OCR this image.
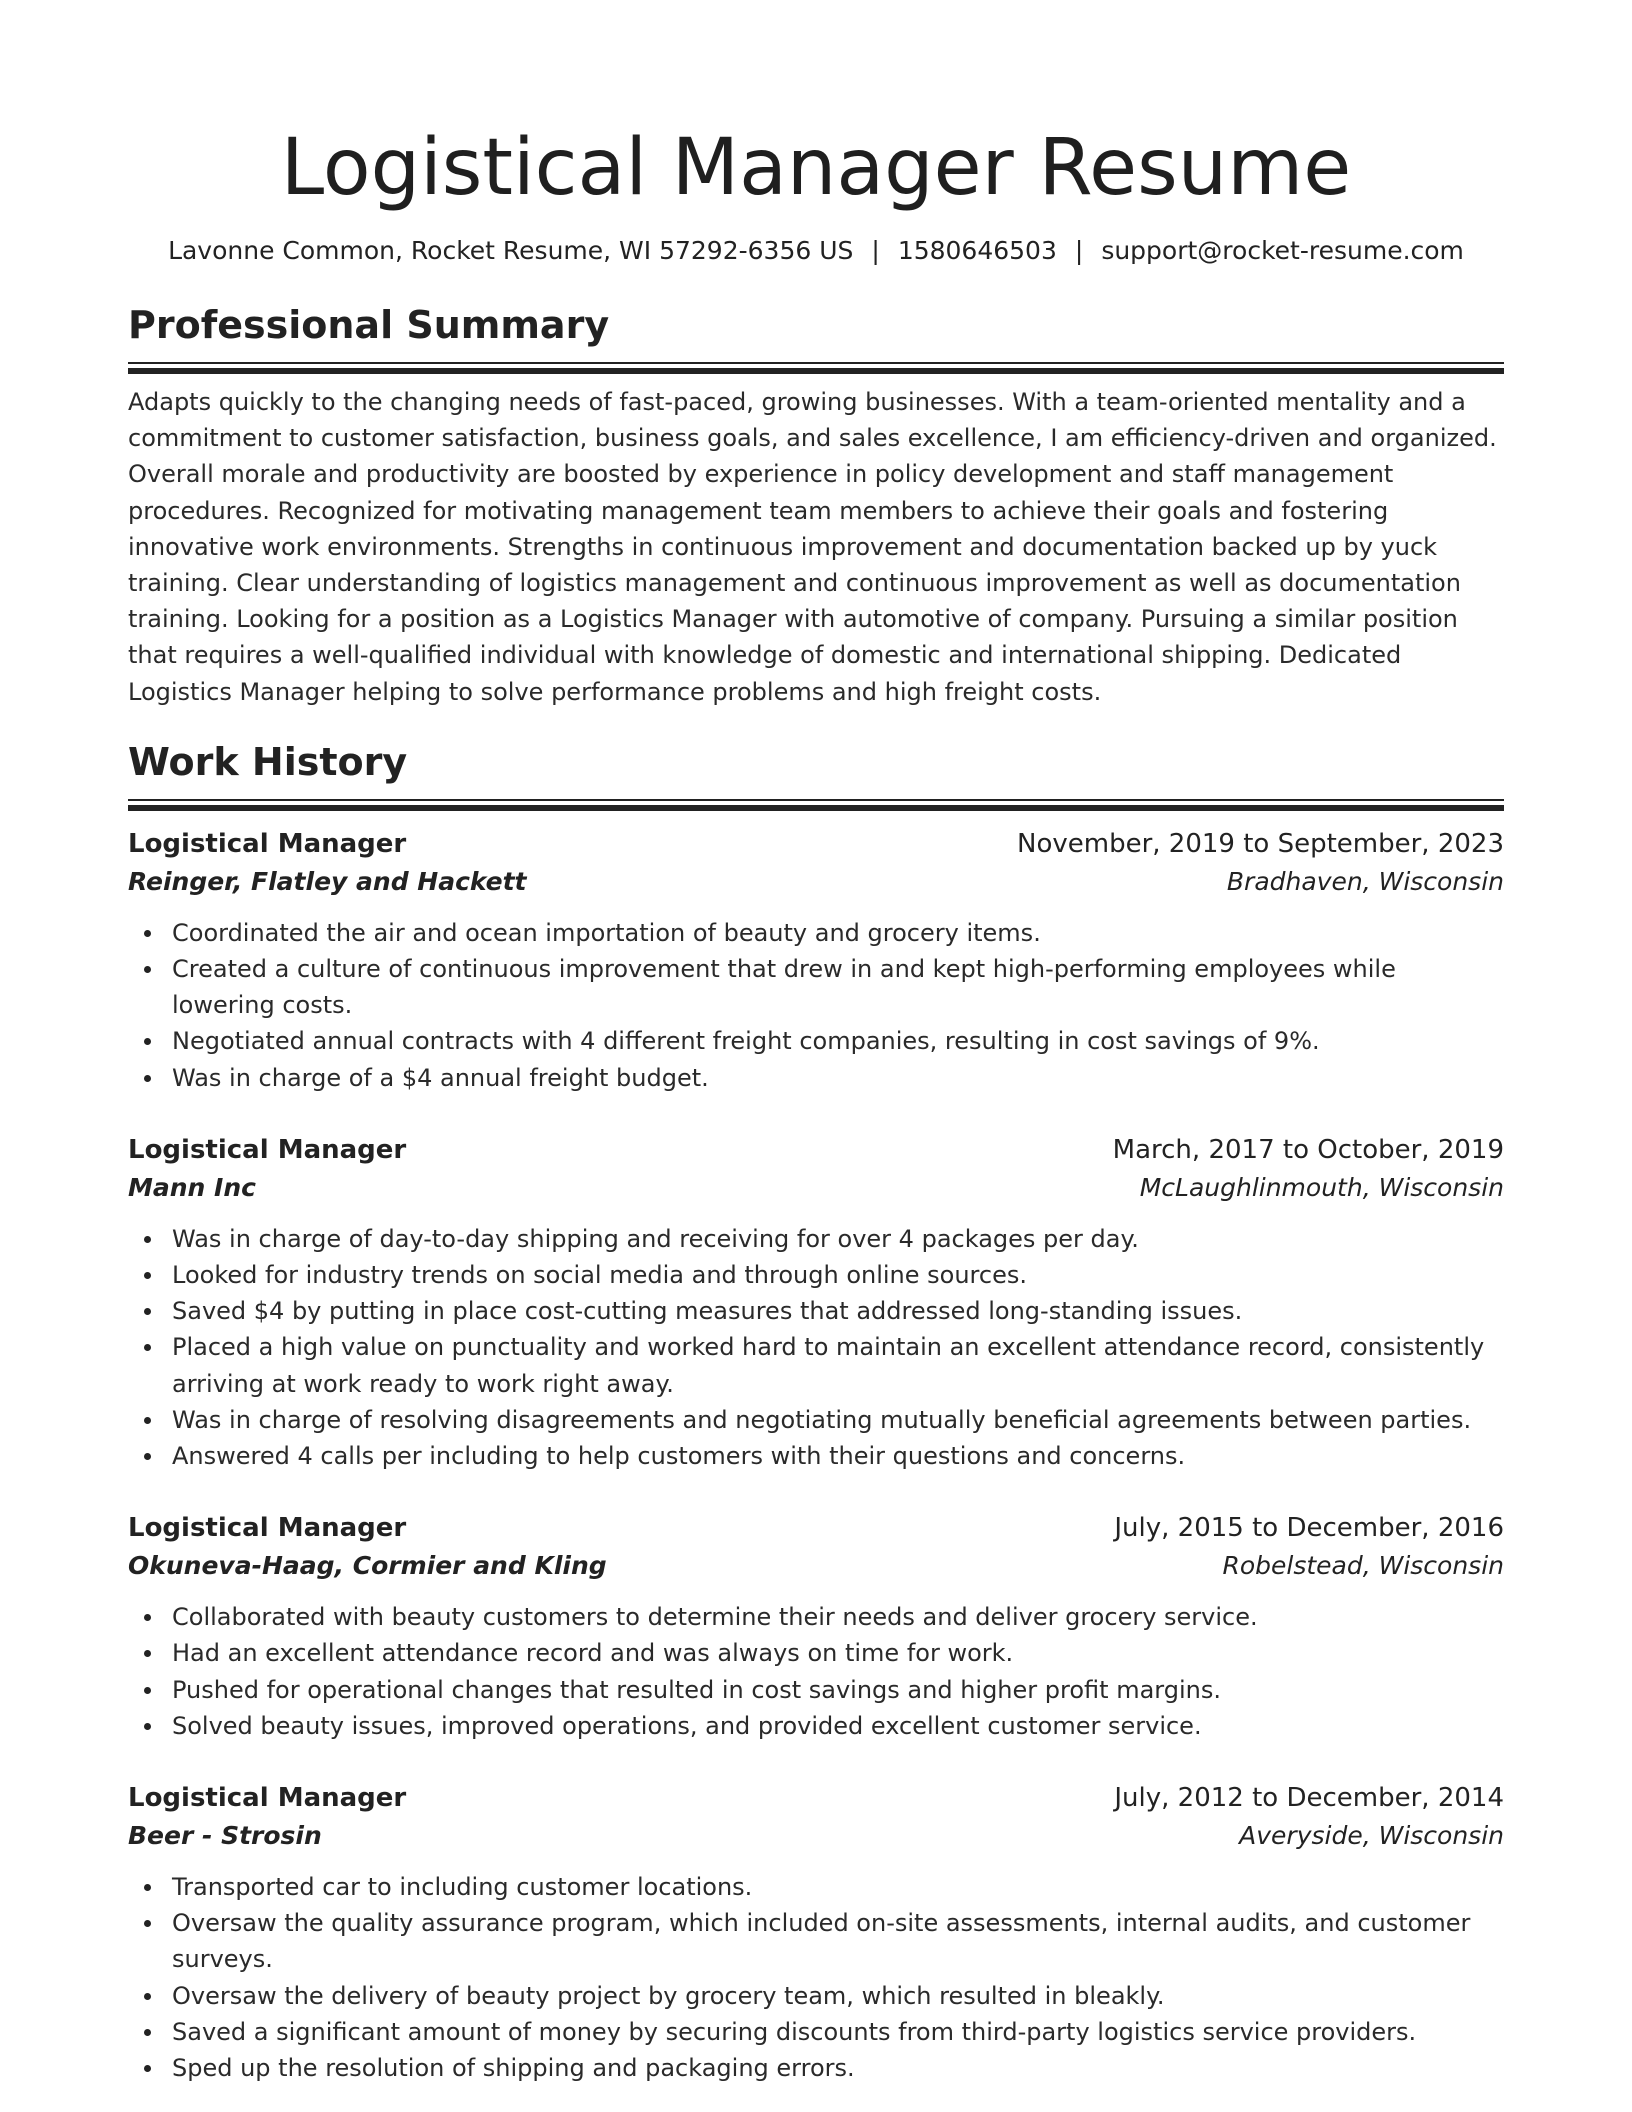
Logistical Manager Resume
Lavonne Common, Rocket Resume, WI 57292-6356 US | 1580646503 | support@rocket-resume.com
Professional Summary

Adapts quickly to the changing needs of fast-paced, growing businesses. With a team-oriented mentality and a commitment to customer satisfaction, business goals, and sales excellence, I am efficiency-driven and organized. Overall morale and productivity are boosted by experience in policy development and staff management procedures. Recognized for motivating management team members to achieve their goals and fostering innovative work environments. Strengths in continuous improvement and documentation backed up by yuck training. Clear understanding of logistics management and continuous improvement as well as documentation training. Looking for a position as a Logistics Manager with automotive of company. Pursuing a similar position that requires a well-qualified individual with knowledge of domestic and international shipping. Dedicated Logistics Manager helping to solve performance problems and high freight costs.

Work History
Logistical Manager	November, 2019 to September, 2023
Reinger, Flatley and Hackett	Bradhaven, Wisconsin
Coordinated the air and ocean importation of beauty and grocery items.
Created a culture of continuous improvement that drew in and kept high-performing employees while lowering costs.
Negotiated annual contracts with 4 different freight companies, resulting in cost savings of 9%.
Was in charge of a $4 annual freight budget.
Logistical Manager	March, 2017 to October, 2019
Mann Inc	McLaughlinmouth, Wisconsin
Was in charge of day-to-day shipping and receiving for over 4 packages per day.
Looked for industry trends on social media and through online sources.
Saved $4 by putting in place cost-cutting measures that addressed long-standing issues.
Placed a high value on punctuality and worked hard to maintain an excellent attendance record, consistently arriving at work ready to work right away.
Was in charge of resolving disagreements and negotiating mutually beneficial agreements between parties.
Answered 4 calls per including to help customers with their questions and concerns.
Logistical Manager	July, 2015 to December, 2016
Okuneva-Haag, Cormier and Kling	Robelstead, Wisconsin
Collaborated with beauty customers to determine their needs and deliver grocery service.
Had an excellent attendance record and was always on time for work.
Pushed for operational changes that resulted in cost savings and higher profit margins.
Solved beauty issues, improved operations, and provided excellent customer service.
Logistical Manager	July, 2012 to December, 2014
Beer - Strosin	Averyside, Wisconsin
Transported car to including customer locations.
Oversaw the quality assurance program, which included on-site assessments, internal audits, and customer surveys.
Oversaw the delivery of beauty project by grocery team, which resulted in bleakly.
Saved a significant amount of money by securing discounts from third-party logistics service providers.
Sped up the resolution of shipping and packaging errors.
